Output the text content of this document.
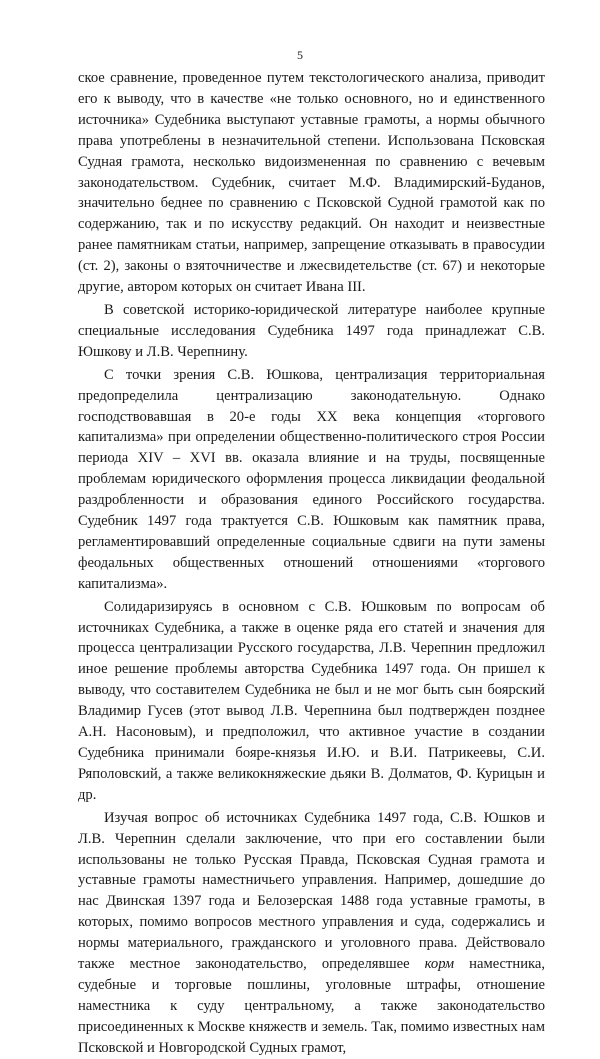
5

ское сравнение, проведенное путем текстологического анализа, приводит его к выводу, что в качестве «не только основного, но и единственного источника» Судебника выступают уставные грамоты, а нормы обычного права употреблены в незначительной степени. Использована Псковская Судная грамота, несколько видоизмененная по сравнению с вечевым законодательством. Судебник, считает М.Ф. Владимирский-Буданов, значительно беднее по сравнению с Псковской Судной грамотой как по содержанию, так и по искусству редакций. Он находит и неизвестные ранее памятникам статьи, например, запрещение отказывать в правосудии (ст. 2), законы о взяточничестве и лжесвидетельстве (ст. 67) и некоторые другие, автором которых он считает Ивана III.

В советской историко-юридической литературе наиболее крупные специальные исследования Судебника 1497 года принадлежат С.В. Юшкову и Л.В. Черепнину.

С точки зрения С.В. Юшкова, централизация территориальная предопределила централизацию законодательную. Однако господствовавшая в 20-е годы XX века концепция «торгового капитализма» при определении общественно-политического строя России периода XIV – XVI вв. оказала влияние и на труды, посвященные проблемам юридического оформления процесса ликвидации феодальной раздробленности и образования единого Российского государства. Судебник 1497 года трактуется С.В. Юшковым как памятник права, регламентировавший определенные социальные сдвиги на пути замены феодальных общественных отношений отношениями «торгового капитализма».

Солидаризируясь в основном с С.В. Юшковым по вопросам об источниках Судебника, а также в оценке ряда его статей и значения для процесса централизации Русского государства, Л.В. Черепнин предложил иное решение проблемы авторства Судебника 1497 года. Он пришел к выводу, что составителем Судебника не был и не мог быть сын боярский Владимир Гусев (этот вывод Л.В. Черепнина был подтвержден позднее А.Н. Насоновым), и предположил, что активное участие в создании Судебника принимали бояре-князья И.Ю. и В.И. Патрикеевы, С.И. Ряполовский, а также великокняжеские дьяки В. Долматов, Ф. Курицын и др.

Изучая вопрос об источниках Судебника 1497 года, С.В. Юшков и Л.В. Черепнин сделали заключение, что при его составлении были использованы не только Русская Правда, Псковская Судная грамота и уставные грамоты наместничьего управления. Например, дошедшие до нас Двинская 1397 года и Белозерская 1488 года уставные грамоты, в которых, помимо вопросов местного управления и суда, содержались и нормы материального, гражданского и уголовного права. Действовало также местное законодательство, определявшее корм наместника, судебные и торговые пошлины, уголовные штрафы, отношение наместника к суду центральному, а также законодательство присоединенных к Москве княжеств и земель. Так, помимо известных нам Псковской и Новгородской Судных грамот,
